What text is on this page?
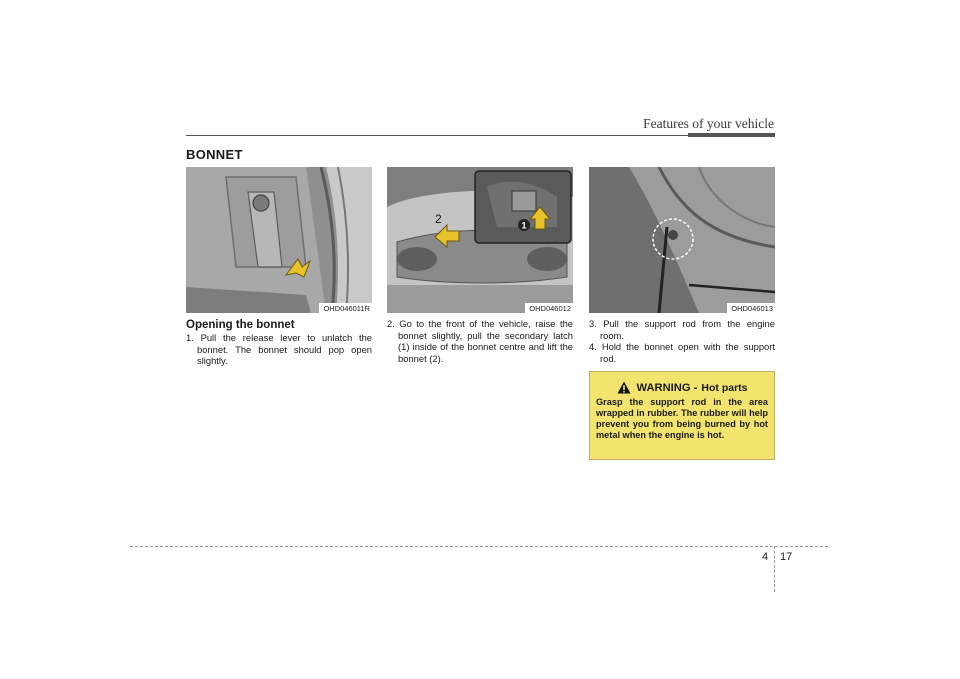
Features of your vehicle
BONNET
OHD046011R
1
2
OHD046012	OHD046013
Opening the bonnet

1. Pull the release lever to unlatch the bonnet. The bonnet should pop open slightly.

2. Go to the front of the vehicle, raise the bonnet slightly, pull the secondary latch (1) inside of the bonnet centre and lift the bonnet (2).

3. Pull the support rod from the engine room.

4. Hold the bonnet open with the support rod.

WARNING - Hot parts
Grasp the support rod in the area wrapped in rubber. The rubber will help prevent you from being burned by hot metal when the engine is hot.
4 17
